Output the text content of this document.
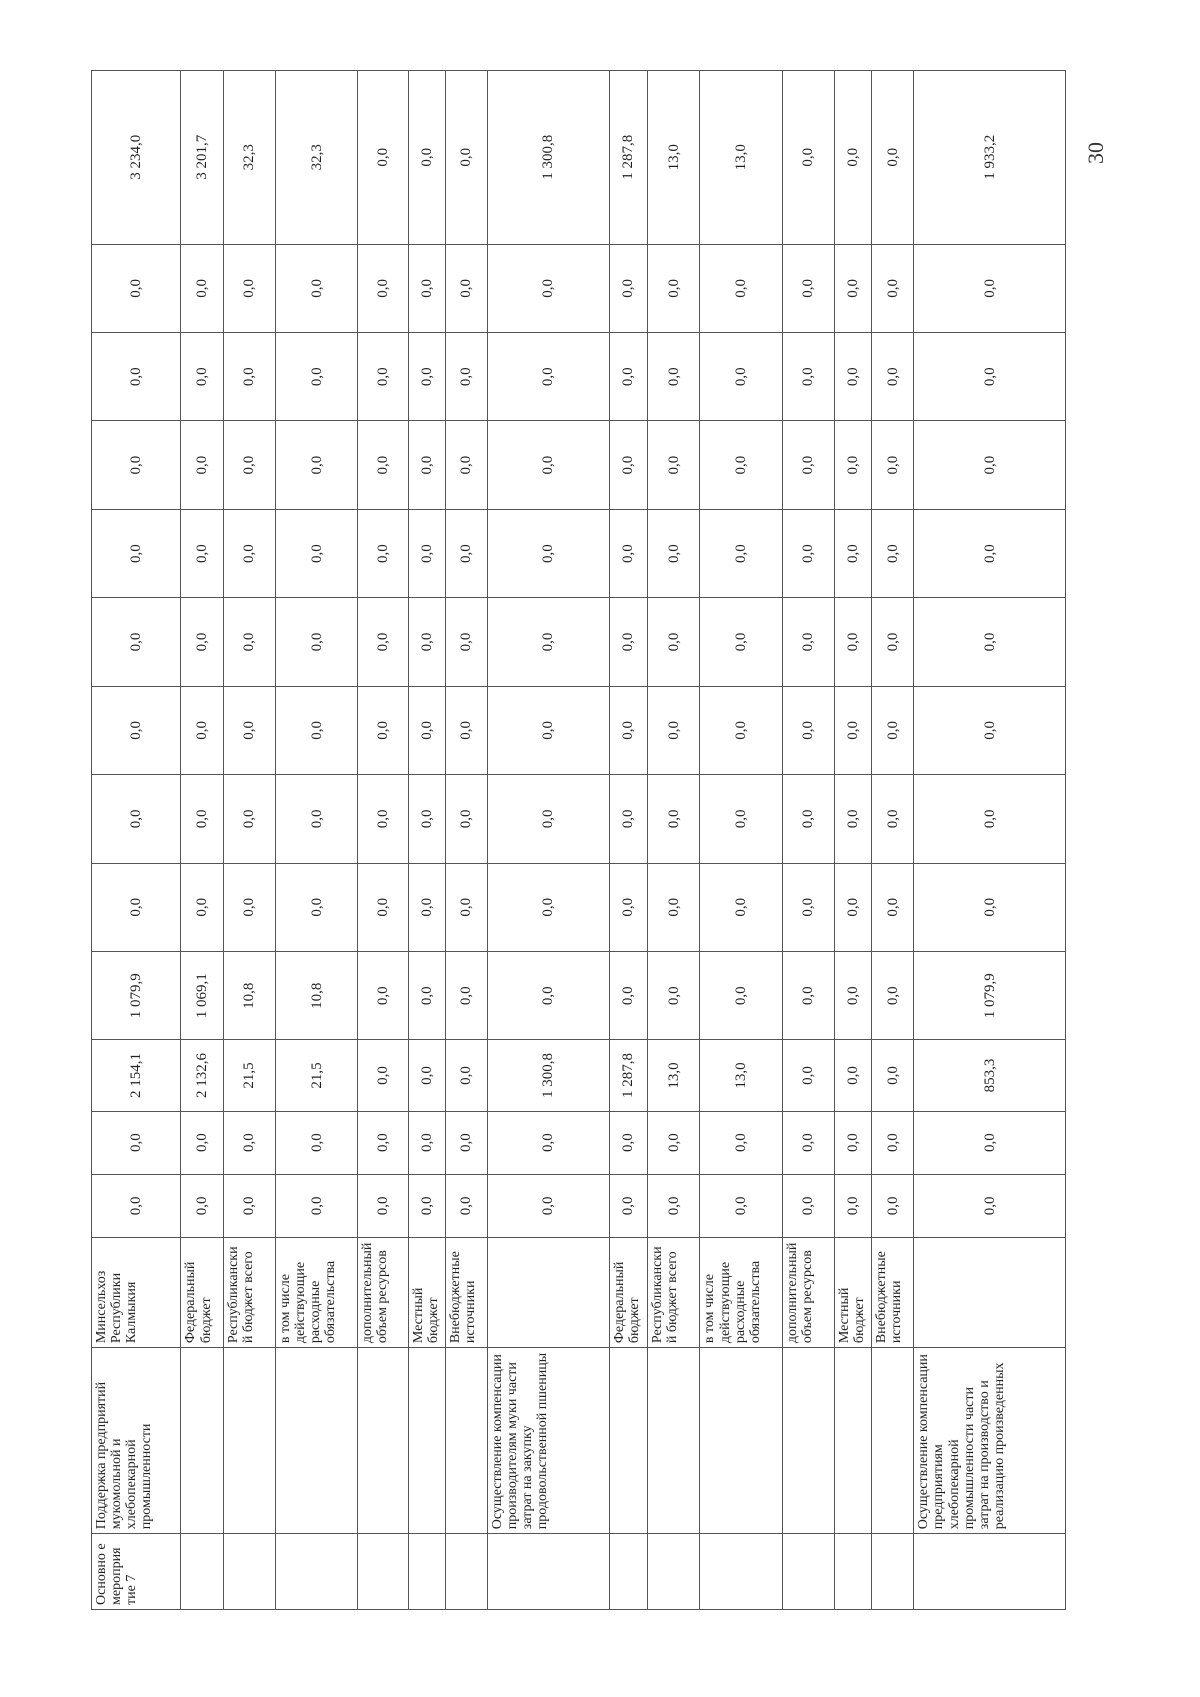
30
Основно е мероприя тие 7	Поддержка предприятий мукомольной и хлебопекарной промышленности	Минсельхоз Республики Калмыкия	0,0	0,0	2 154,1	1 079,9	0,0	0,0	0,0	0,0	0,0	0,0	0,0	0,0	3 234,0
		Федеральный бюджет	0,0	0,0	2 132,6	1 069,1	0,0	0,0	0,0	0,0	0,0	0,0	0,0	0,0	3 201,7
		Республиканский бюджет всего	0,0	0,0	21,5	10,8	0,0	0,0	0,0	0,0	0,0	0,0	0,0	0,0	32,3
		в том числе действующие расходные обязательства	0,0	0,0	21,5	10,8	0,0	0,0	0,0	0,0	0,0	0,0	0,0	0,0	32,3
		дополнительный объем ресурсов	0,0	0,0	0,0	0,0	0,0	0,0	0,0	0,0	0,0	0,0	0,0	0,0	0,0
		Местный бюджет	0,0	0,0	0,0	0,0	0,0	0,0	0,0	0,0	0,0	0,0	0,0	0,0	0,0
		Внебюджетные источники	0,0	0,0	0,0	0,0	0,0	0,0	0,0	0,0	0,0	0,0	0,0	0,0	0,0
	Осуществление компенсации производителям муки части затрат на закупку продовольственной пшеницы		0,0	0,0	1 300,8	0,0	0,0	0,0	0,0	0,0	0,0	0,0	0,0	0,0	1 300,8
		Федеральный бюджет	0,0	0,0	1 287,8	0,0	0,0	0,0	0,0	0,0	0,0	0,0	0,0	0,0	1 287,8
		Республиканский бюджет всего	0,0	0,0	13,0	0,0	0,0	0,0	0,0	0,0	0,0	0,0	0,0	0,0	13,0
		в том числе действующие расходные обязательства	0,0	0,0	13,0	0,0	0,0	0,0	0,0	0,0	0,0	0,0	0,0	0,0	13,0
		дополнительный объем ресурсов	0,0	0,0	0,0	0,0	0,0	0,0	0,0	0,0	0,0	0,0	0,0	0,0	0,0
		Местный бюджет	0,0	0,0	0,0	0,0	0,0	0,0	0,0	0,0	0,0	0,0	0,0	0,0	0,0
		Внебюджетные источники	0,0	0,0	0,0	0,0	0,0	0,0	0,0	0,0	0,0	0,0	0,0	0,0	0,0
	Осуществление компенсации предприятиям хлебопекарной промышленности части затрат на производство и реализацию произведенных		0,0	0,0	853,3	1 079,9	0,0	0,0	0,0	0,0	0,0	0,0	0,0	0,0	1 933,2
